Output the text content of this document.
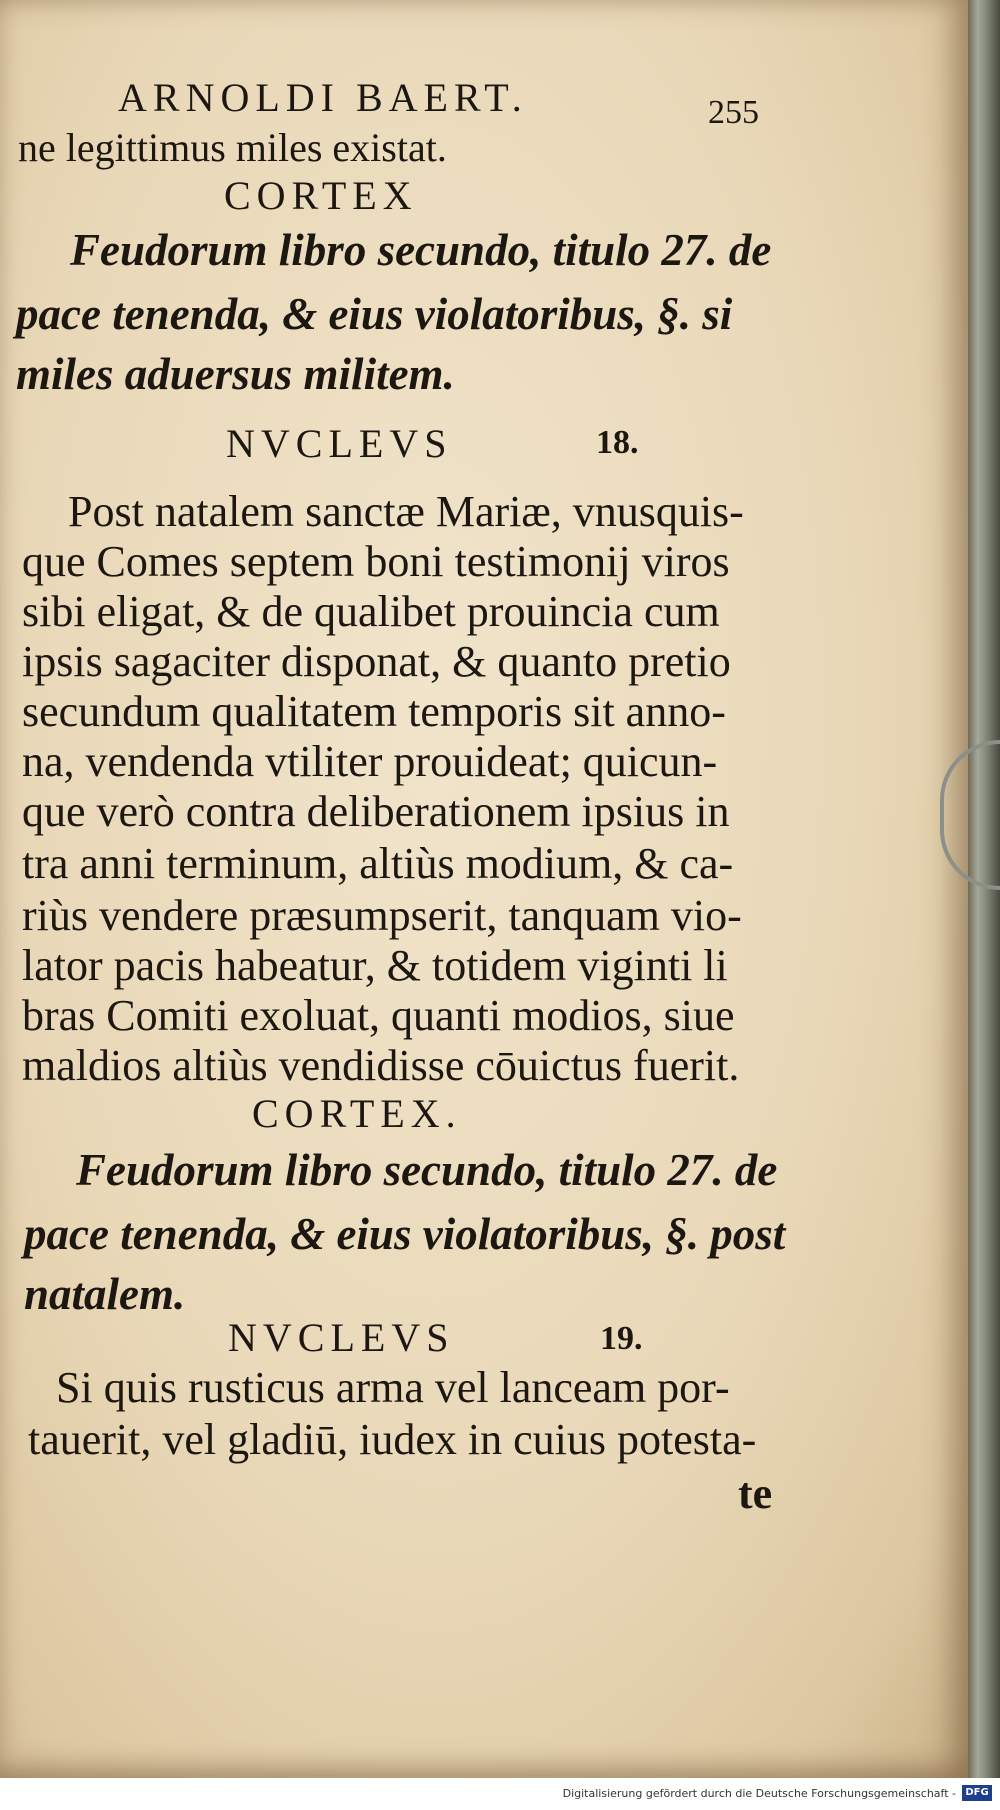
ARNOLDI BAERT.	255
ne legittimus miles existat.
CORTEX
Feudorum libro secundo, titulo 27. de
pace tenenda, & eius violatoribus, §. si
miles aduersus militem.
NVCLEVS	18.
Post natalem sanctæ Mariæ, vnusquis-
que Comes septem boni testimonij viros
sibi eligat, & de qualibet prouincia cum
ipsis sagaciter disponat, & quanto pretio
secundum qualitatem temporis sit anno-
na, vendenda vtiliter prouideat; quicun-
que verò contra deliberationem ipsius in
tra anni terminum, altiùs modium, & ca-
riùs vendere præsumpserit, tanquam vio-
lator pacis habeatur, & totidem viginti li
bras Comiti exoluat, quanti modios, siue
maldios altiùs vendidisse cōuictus fuerit.
CORTEX.
Feudorum libro secundo, titulo 27. de
pace tenenda, & eius violatoribus, §. post
natalem.
NVCLEVS	19.
Si quis rusticus arma vel lanceam por-
tauerit, vel gladiū, iudex in cuius potesta-
te
Digitalisierung gefördert durch die Deutsche Forschungsgemeinschaft - DFG
